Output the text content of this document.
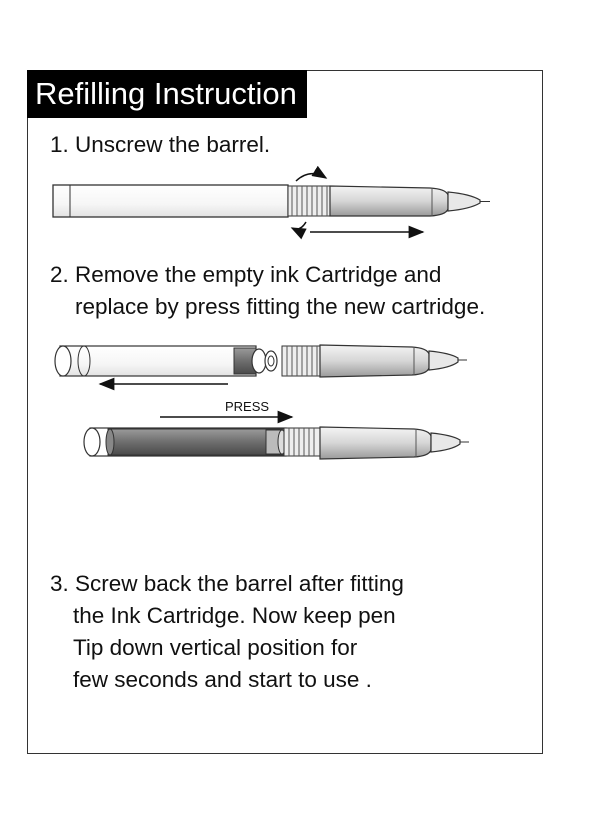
Refilling Instruction
1. Unscrew the barrel.
2. Remove the empty ink Cartridge and
replace by press fitting the new cartridge.
3. Screw back the barrel after fitting
the Ink Cartridge. Now keep pen
Tip down vertical position for
few seconds and start to use .
PRESS
